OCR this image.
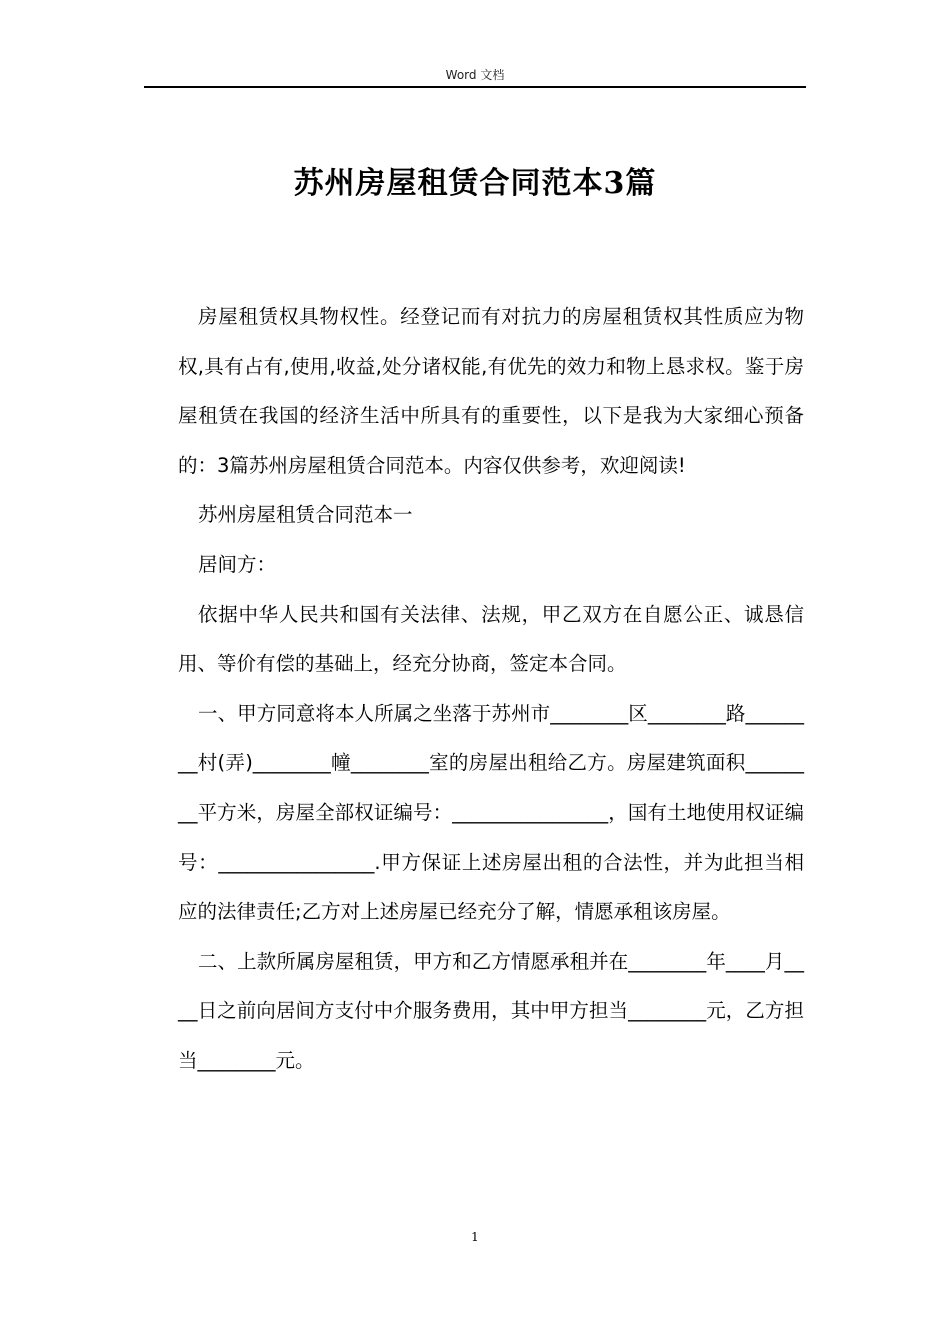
Word 文档
苏州房屋租赁合同范本3篇

房屋租赁权具物权性。经登记而有对抗力的房屋租赁权其性质应为物权,具有占有,使用,收益,处分诸权能,有优先的效力和物上恳求权。鉴于房屋租赁在我国的经济生活中所具有的重要性，以下是我为大家细心预备的：3篇苏州房屋租赁合同范本。内容仅供参考，欢迎阅读!

苏州房屋租赁合同范本一

居间方：

依据中华人民共和国有关法律、法规，甲乙双方在自愿公正、诚恳信用、等价有偿的基础上，经充分协商，签定本合同。

一、甲方同意将本人所属之坐落于苏州市________区________路________村(弄)________幢________室的房屋出租给乙方。房屋建筑面积________平方米，房屋全部权证编号：________________，国有土地使用权证编号：________________.甲方保证上述房屋出租的合法性，并为此担当相应的法律责任;乙方对上述房屋已经充分了解，情愿承租该房屋。

二、上款所属房屋租赁，甲方和乙方情愿承租并在________年____月____日之前向居间方支付中介服务费用，其中甲方担当________元，乙方担当________元。

1
